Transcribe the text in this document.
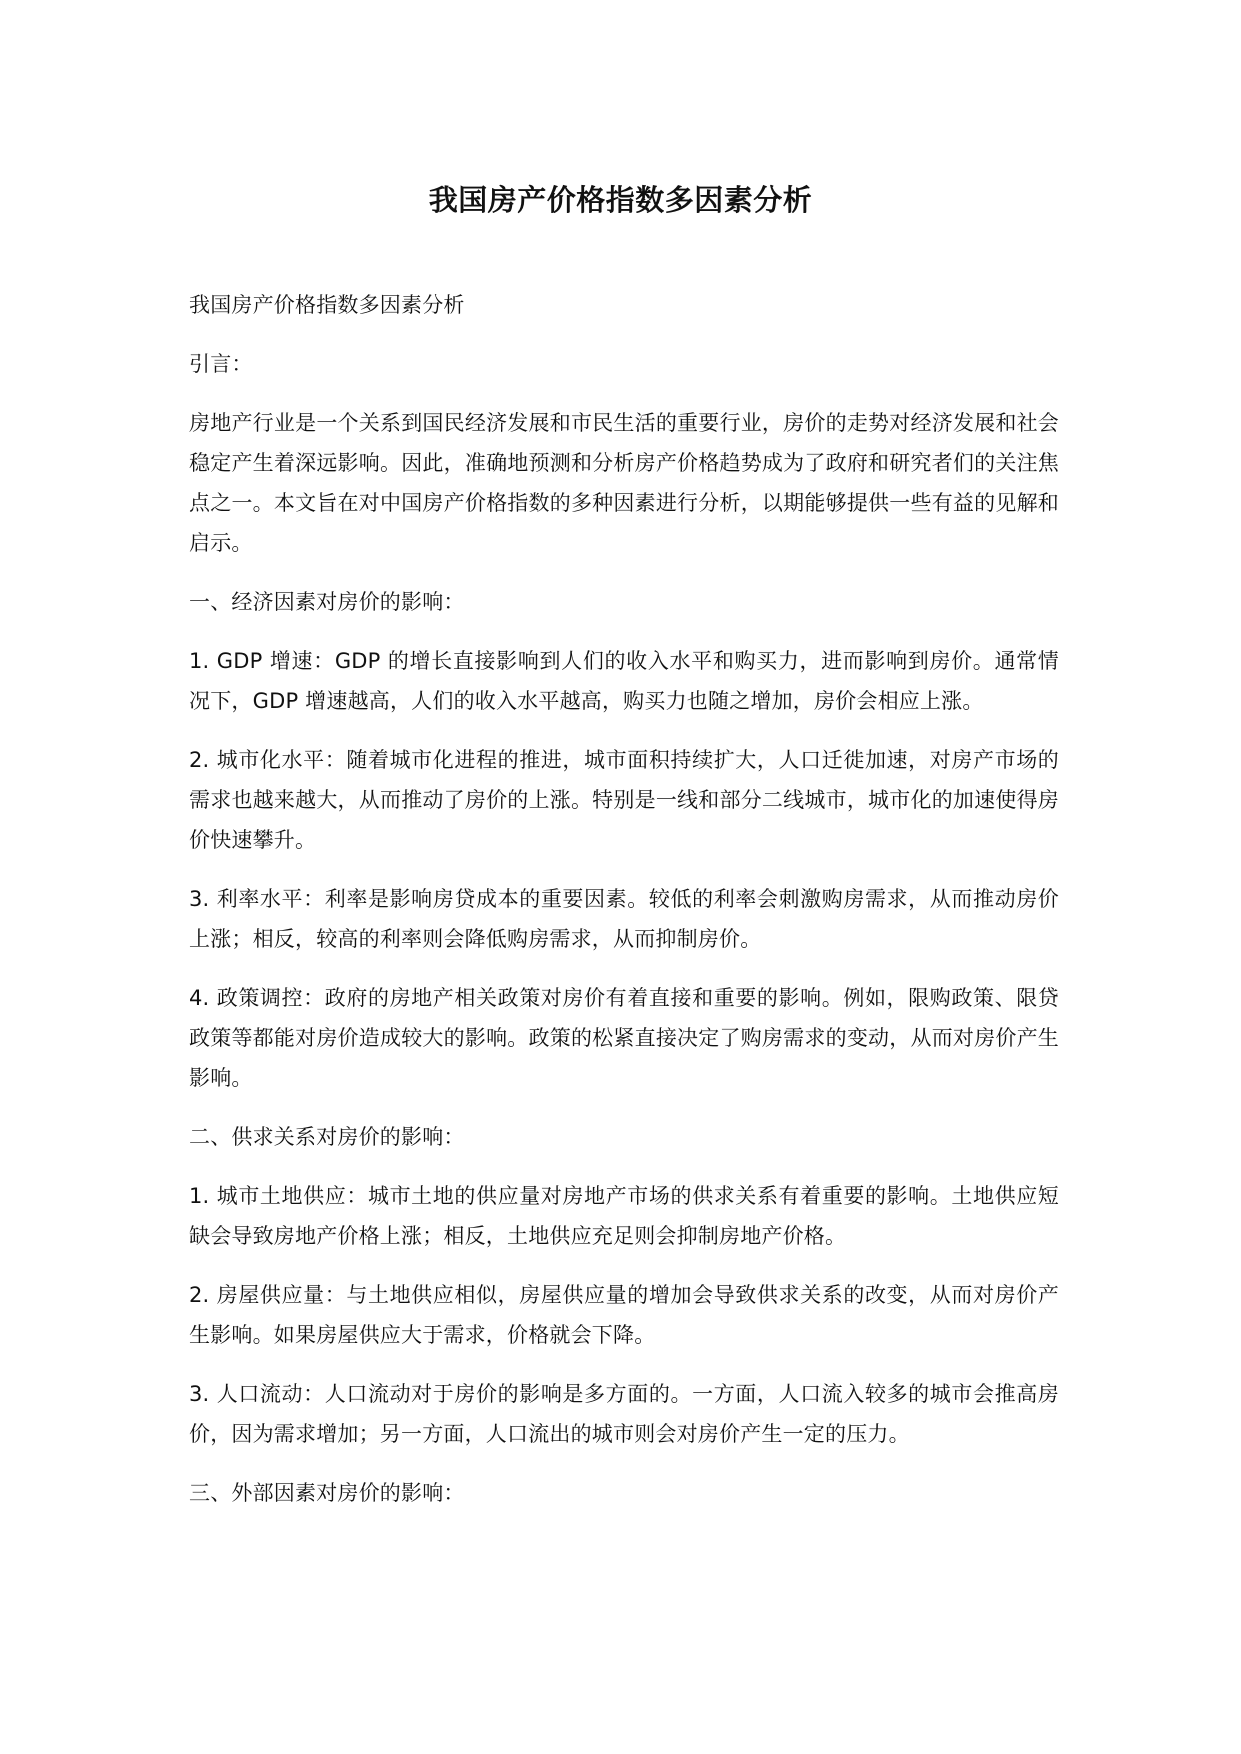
我国房产价格指数多因素分析

我国房产价格指数多因素分析

引言：

房地产行业是一个关系到国民经济发展和市民生活的重要行业，房价的走势对经济发展和社会稳定产生着深远影响。因此，准确地预测和分析房产价格趋势成为了政府和研究者们的关注焦点之一。本文旨在对中国房产价格指数的多种因素进行分析，以期能够提供一些有益的见解和启示。

一、经济因素对房价的影响：

1. GDP 增速：GDP 的增长直接影响到人们的收入水平和购买力，进而影响到房价。通常情况下，GDP 增速越高，人们的收入水平越高，购买力也随之增加，房价会相应上涨。

2. 城市化水平：随着城市化进程的推进，城市面积持续扩大，人口迁徙加速，对房产市场的需求也越来越大，从而推动了房价的上涨。特别是一线和部分二线城市，城市化的加速使得房价快速攀升。

3. 利率水平：利率是影响房贷成本的重要因素。较低的利率会刺激购房需求，从而推动房价上涨；相反，较高的利率则会降低购房需求，从而抑制房价。

4. 政策调控：政府的房地产相关政策对房价有着直接和重要的影响。例如，限购政策、限贷政策等都能对房价造成较大的影响。政策的松紧直接决定了购房需求的变动，从而对房价产生影响。

二、供求关系对房价的影响：

1. 城市土地供应：城市土地的供应量对房地产市场的供求关系有着重要的影响。土地供应短缺会导致房地产价格上涨；相反，土地供应充足则会抑制房地产价格。

2. 房屋供应量：与土地供应相似，房屋供应量的增加会导致供求关系的改变，从而对房价产生影响。如果房屋供应大于需求，价格就会下降。

3. 人口流动：人口流动对于房价的影响是多方面的。一方面，人口流入较多的城市会推高房价，因为需求增加；另一方面，人口流出的城市则会对房价产生一定的压力。

三、外部因素对房价的影响：
